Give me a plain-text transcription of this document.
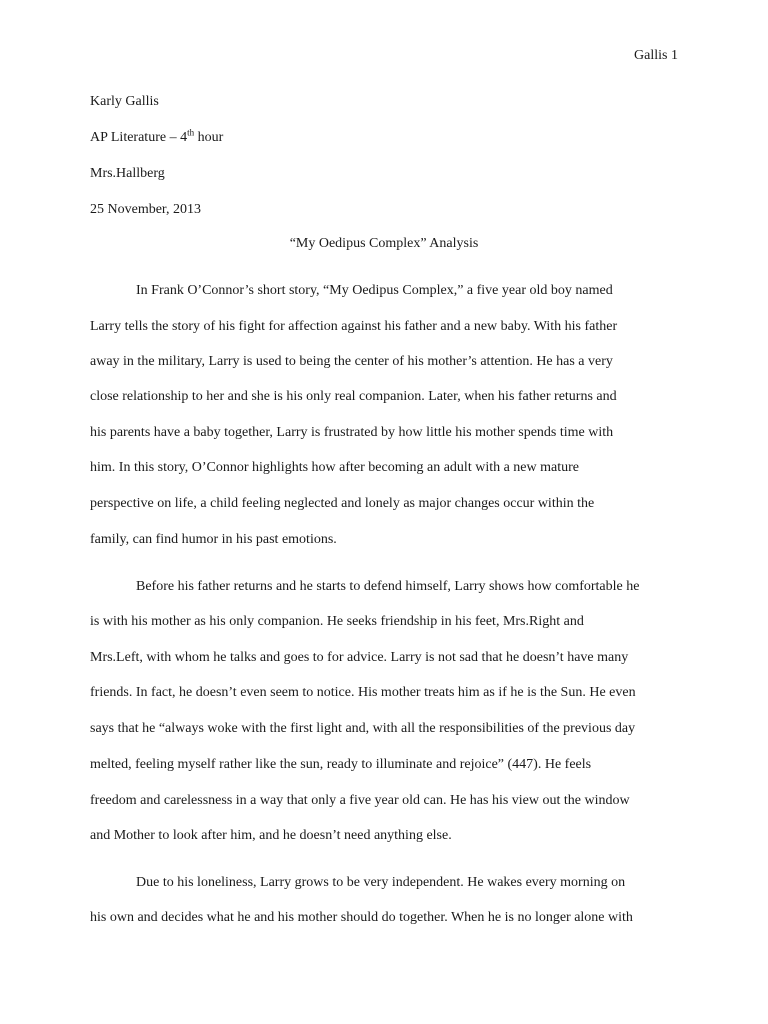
Gallis 1
Karly Gallis
AP Literature – 4th hour
Mrs.Hallberg
25 November, 2013
“My Oedipus Complex” Analysis
In Frank O’Connor’s short story, “My Oedipus Complex,” a five year old boy named
Larry tells the story of his fight for affection against his father and a new baby. With his father
away in the military, Larry is used to being the center of his mother’s attention. He has a very
close relationship to her and she is his only real companion. Later, when his father returns and
his parents have a baby together, Larry is frustrated by how little his mother spends time with
him. In this story, O’Connor highlights how after becoming an adult with a new mature
perspective on life, a child feeling neglected and lonely as major changes occur within the
family, can find humor in his past emotions.
Before his father returns and he starts to defend himself, Larry shows how comfortable he
is with his mother as his only companion. He seeks friendship in his feet, Mrs.Right and
Mrs.Left, with whom he talks and goes to for advice. Larry is not sad that he doesn’t have many
friends. In fact, he doesn’t even seem to notice. His mother treats him as if he is the Sun. He even
says that he “always woke with the first light and, with all the responsibilities of the previous day
melted, feeling myself rather like the sun, ready to illuminate and rejoice” (447). He feels
freedom and carelessness in a way that only a five year old can. He has his view out the window
and Mother to look after him, and he doesn’t need anything else.
Due to his loneliness, Larry grows to be very independent. He wakes every morning on
his own and decides what he and his mother should do together. When he is no longer alone with
